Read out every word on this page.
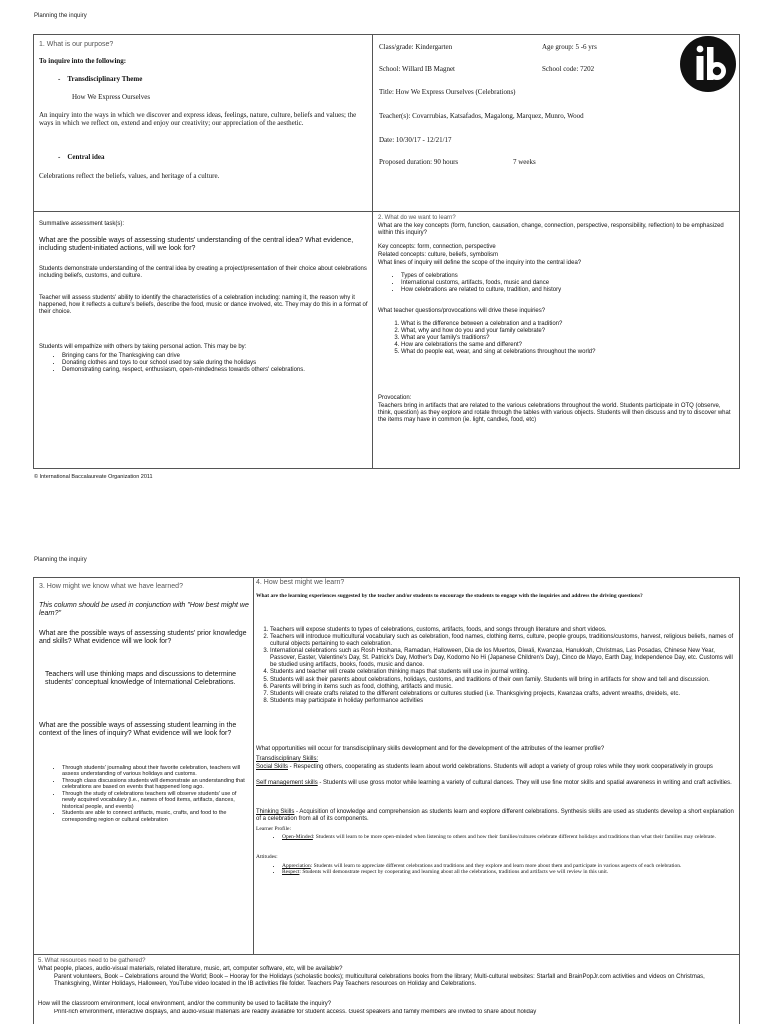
Planning the inquiry
1. What is our purpose?
To inquire into the following:
-    Transdisciplinary Theme
How We Express Ourselves
An inquiry into the ways in which we discover and express ideas, feelings, nature, culture, beliefs and values; the ways in which we reflect on, extend and enjoy our creativity; our appreciation of the aesthetic.
-    Central idea
Celebrations reflect the beliefs, values, and heritage of a culture.
Class/grade: Kindergarten	Age group: 5 -6 yrs
School: Willard IB Magnet	School code: 7202
Title: How We Express Ourselves (Celebrations)
Teacher(s): Covarrubias, Katsafados, Magalong, Marquez, Munro, Wood
Date: 10/30/17 - 12/21/17
Proposed duration: 90 hours	7 weeks
Summative assessment task(s):
What are the possible ways of assessing students' understanding of the central idea? What evidence, including student-initiated actions, will we look for?
Students demonstrate understanding of the central idea by creating a project/presentation of their choice about celebrations including beliefs, customs, and culture.
Teacher will assess students' ability to identify the characteristics of a celebration including: naming it, the reason why it happened, how it reflects a culture's beliefs, describe the food, music or dance involved, etc. They may do this in a format of their choice.
Students will empathize with others by taking personal action. This may be by:
• Bringing cans for the Thanksgiving can drive
• Donating clothes and toys to our school used toy sale during the holidays
• Demonstrating caring, respect, enthusiasm, open-mindedness towards others' celebrations.
2. What do we want to learn?
What are the key concepts (form, function, causation, change, connection, perspective, responsibility, reflection) to be emphasized within this inquiry?
Key concepts: form, connection, perspective
Related concepts: culture, beliefs, symbolism
What lines of inquiry will define the scope of the inquiry into the central idea?
• Types of celebrations
• International customs, artifacts, foods, music and dance
• How celebrations are related to culture, tradition, and history
What teacher questions/provocations will drive these inquiries?
1. What is the difference between a celebration and a tradition?
2. What, why and how do you and your family celebrate?
3. What are your family's traditions?
4. How are celebrations the same and different?
5. What do people eat, wear, and sing at celebrations throughout the world?
Provocation:
Teachers bring in artifacts that are related to the various celebrations throughout the world. Students participate in OTQ (observe, think, question) as they explore and rotate through the tables with various objects. Students will then discuss and try to discover what the items may have in common (ie. light, candles, food, etc)
© International Baccalaureate Organization 2011
Planning the inquiry
3. How might we know what we have learned?
This column should be used in conjunction with "How best might we learn?"
What are the possible ways of assessing students' prior knowledge and skills? What evidence will we look for?
Teachers will use thinking maps and discussions to determine students' conceptual knowledge of International Celebrations.
What are the possible ways of assessing student learning in the context of the lines of inquiry? What evidence will we look for?
• Through students' journaling about their favorite celebration, teachers will assess understanding of various holidays and customs.
• Through class discussions students will demonstrate an understanding that celebrations are based on events that happened long ago.
• Through the study of celebrations teachers will observe students' use of newly acquired vocabulary (i.e., names of food items, artifacts, dances, historical people, and events)
• Students are able to connect artifacts, music, crafts, and food to the corresponding region or cultural celebration
4. How best might we learn?
What are the learning experiences suggested by the teacher and/or students to encourage the students to engage with the inquiries and address the driving questions?
1. Teachers will expose students to types of celebrations, customs, artifacts, foods, and songs through literature and short videos.
2. Teachers will introduce multicultural vocabulary such as celebration, food names, clothing items, culture, people groups, traditions/customs, harvest, religious beliefs, names of cultural objects pertaining to each celebration.
3. International celebrations such as Rosh Hoshana, Ramadan, Halloween, Dia de los Muertos, Diwali, Kwanzaa, Hanukkah, Christmas, Las Posadas, Chinese New Year, Passover, Easter, Valentine's Day, St. Patrick's Day, Mother's Day, Kodomo No Hi (Japanese Children's Day), Cinco de Mayo, Earth Day, Independence Day, etc. Customs will be studied using artifacts, books, foods, music and dance.
4. Students and teacher will create celebration thinking maps that students will use in journal writing.
5. Students will ask their parents about celebrations, holidays, customs, and traditions of their own family. Students will bring in artifacts for show and tell and discussion.
6. Parents will bring in items such as food, clothing, artifacts and music.
7. Students will create crafts related to the different celebrations or cultures studied (i.e. Thanksgiving projects, Kwanzaa crafts, advent wreaths, dreidels, etc.
8. Students may participate in holiday performance activities
What opportunities will occur for transdisciplinary skills development and for the development of the attributes of the learner profile?
Transdisciplinary Skills:
Social Skills - Respecting others, cooperating as students learn about world celebrations. Students will adopt a variety of group roles while they work cooperatively in groups
Self management skills - Students will use gross motor while learning a variety of cultural dances. They will use fine motor skills and spatial awareness in writing and craft activities.
Thinking Skills - Acquisition of knowledge and comprehension as students learn and explore different celebrations. Synthesis skills are used as students develop a short explanation of a celebration from all of its components.
Learner Profile:
• Open-Minded: Students will learn to be more open-minded when listening to others and how their families/cultures celebrate different holidays and traditions than what their families may celebrate.
Attitudes:
• Appreciation: Students will learn to appreciate different celebrations and traditions and they explore and learn more about them and participate in various aspects of each celebration.
• Respect: Students will demonstrate respect by cooperating and learning about all the celebrations, traditions and artifacts we will review in this unit.
5. What resources need to be gathered?
What people, places, audio-visual materials, related literature, music, art, computer software, etc, will be available?
Parent volunteers, Book – Celebrations around the World; Book – Hooray for the Holidays (scholastic books); multicultural celebrations books from the library; Multi-cultural websites: Starfall and BrainPopJr.com activities and videos on Christmas, Thanksgiving, Winter Holidays, Halloween, YouTube video located in the IB activities file folder. Teachers Pay Teachers resources on Holiday and Celebrations.
How will the classroom environment, local environment, and/or the community be used to facilitate the inquiry?
Print-rich environment, interactive displays, and audio-visual materials are readily available for student access. Guest speakers and family members are invited to share about holiday
